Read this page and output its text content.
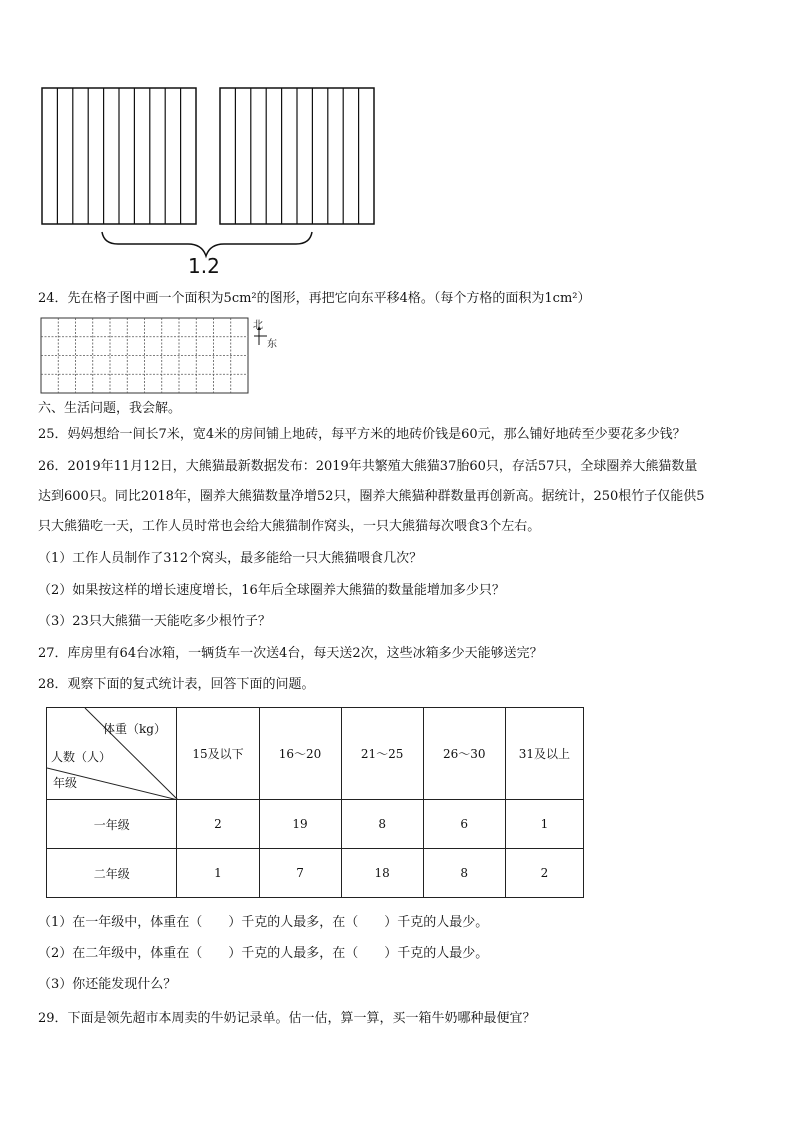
1.2
24．先在格子图中画一个面积为5cm²的图形，再把它向东平移4格。（每个方格的面积为1cm²）
北
东
六、生活问题，我会解。
25．妈妈想给一间长7米，宽4米的房间铺上地砖，每平方米的地砖价钱是60元，那么铺好地砖至少要花多少钱？
26．2019年11月12日，大熊猫最新数据发布：2019年共繁殖大熊猫37胎60只，存活57只，全球圈养大熊猫数量
达到600只。同比2018年，圈养大熊猫数量净增52只，圈养大熊猫种群数量再创新高。据统计，250根竹子仅能供5
只大熊猫吃一天，工作人员时常也会给大熊猫制作窝头，一只大熊猫每次喂食3个左右。
（1）工作人员制作了312个窝头，最多能给一只大熊猫喂食几次？
（2）如果按这样的增长速度增长，16年后全球圈养大熊猫的数量能增加多少只？
（3）23只大熊猫一天能吃多少根竹子？
27．库房里有64台冰箱，一辆货车一次送4台，每天送2次，这些冰箱多少天能够送完？
28．观察下面的复式统计表，回答下面的问题。
体重（kg）
人数（人）
年级	15及以下	16～20	21～25	26～30	31及以上
一年级	2	19	8	6	1
二年级	1	7	18	8	2
（1）在一年级中，体重在（　　）千克的人最多，在（　　）千克的人最少。
（2）在二年级中，体重在（　　）千克的人最多，在（　　）千克的人最少。
（3）你还能发现什么？
29．下面是领先超市本周卖的牛奶记录单。估一估，算一算，买一箱牛奶哪种最便宜？
